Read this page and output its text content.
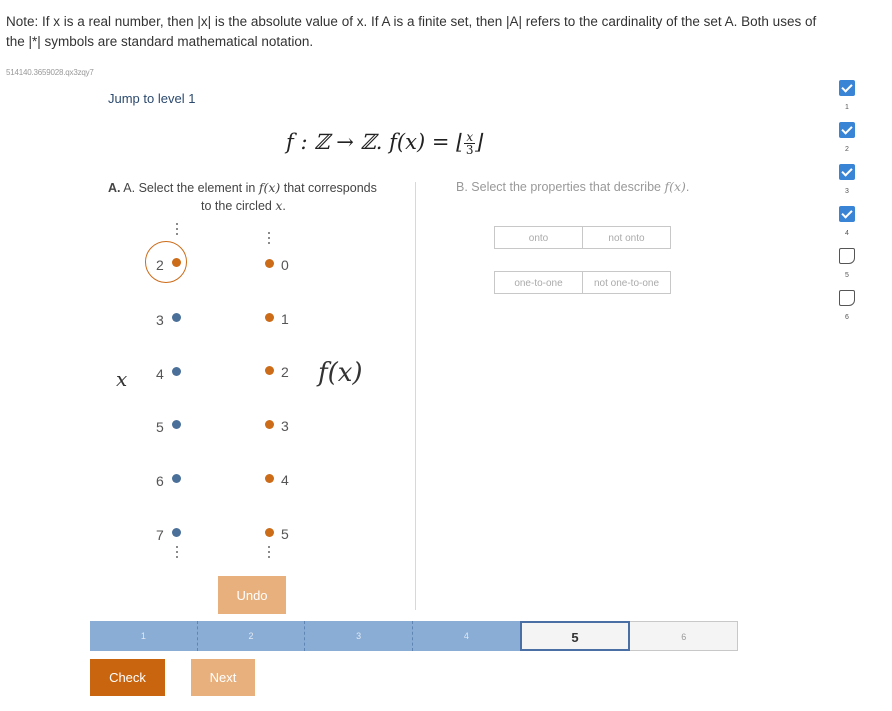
Note: If x is a real number, then |x| is the absolute value of x. If A is a finite set, then |A| refers to the cardinality of the set A. Both uses of the |*| symbols are standard mathematical notation.
514140.3659028.qx3zqy7
Jump to level 1
f : ℤ → ℤ. f(x) = ⌊ $\frac{x}{3}$ ⌋
A. A. Select the element in f(x) that corresponds
to the circled x.
B. Select the properties that describe f(x).
2
3
4
5
6
7
x
0
1
2
3
4
5
f(x)
Undo
onto	not onto
one-to-one	not one-to-one
1	2	3	4	5	6
Check	Next
1
2
3
4
5
6
